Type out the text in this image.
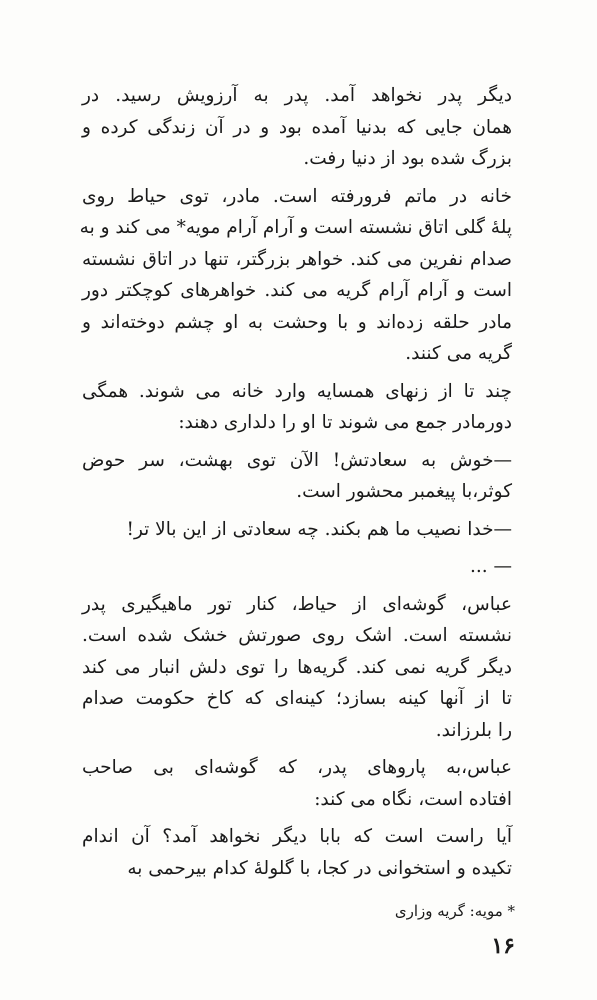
دیگر پدر نخواهد آمد. پدر به آرزویش رسید. در
همان جایی که بدنیا آمده بود و در آن زندگی کرده و
بزرگ شده بود از دنیا رفت.

خانه در ماتم فرورفته است. مادر، توی حیاط روی
پلهٔ گلی اتاق نشسته است و آرام آرام مویه* می کند و به
صدام نفرین می کند. خواهر بزرگتر، تنها در اتاق نشسته
است و آرام آرام گریه می کند. خواهرهای کوچکتر دور
مادر حلقه زده‌اند و با وحشت به او چشم دوخته‌اند و
گریه می کنند.

چند تا از زنهای همسایه وارد خانه می شوند. همگی
دورمادر جمع می شوند تا او را دلداری دهند:

—خوش به سعادتش! الآن توی بهشت، سر حوض
کوثر،با پیغمبر محشور است.

—خدا نصیب ما هم بکند. چه سعادتی از این بالا تر!

— ...

عباس، گوشه‌ای از حیاط، کنار تور ماهیگیری پدر
نشسته است. اشک روی صورتش خشک شده است.
دیگر گریه نمی کند. گریه‌ها را توی دلش انبار می کند
تا از آنها کینه بسازد؛ کینه‌ای که کاخ حکومت صدام
را بلرزاند.

عباس،به پاروهای پدر، که گوشه‌ای بی صاحب
افتاده است، نگاه می کند:

آیا راست است که بابا دیگر نخواهد آمد؟ آن اندام
تکیده و استخوانی در کجا، با گلولهٔ کدام بیرحمی به

* مویه: گریه وزاری
۱۶
